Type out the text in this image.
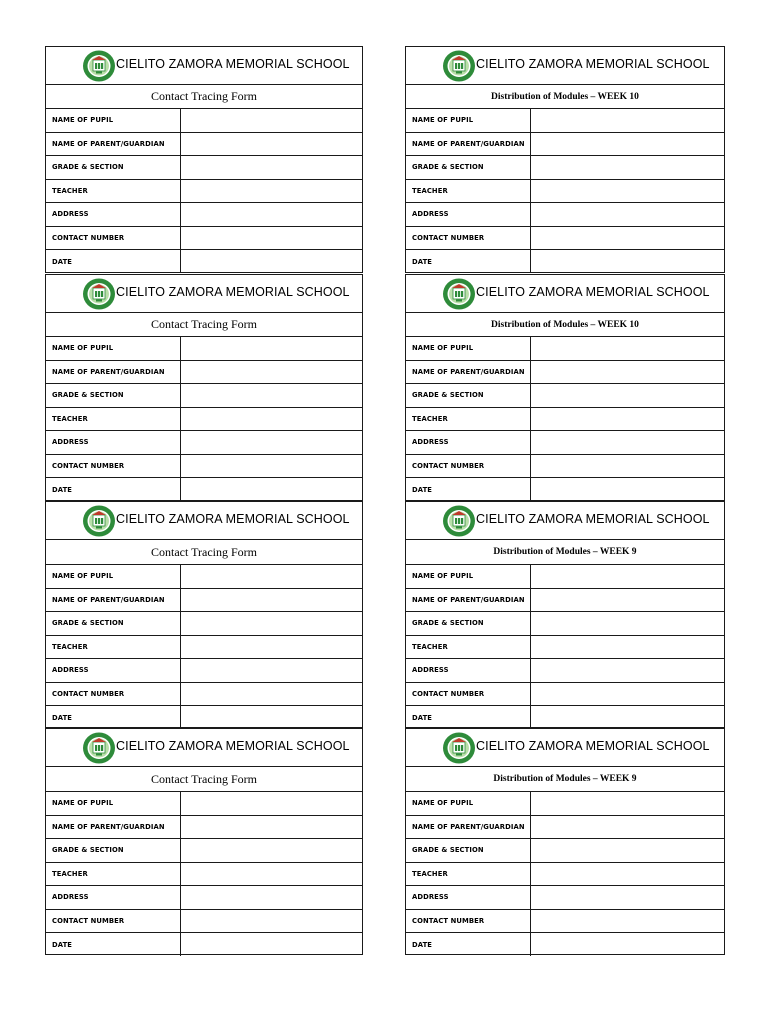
CIELITO ZAMORA MEMORIAL SCHOOL
Contact Tracing Form
NAME OF PUPIL
NAME OF PARENT/GUARDIAN
GRADE & SECTION
TEACHER
ADDRESS
CONTACT NUMBER
DATE
CIELITO ZAMORA MEMORIAL SCHOOL
Contact Tracing Form
NAME OF PUPIL
NAME OF PARENT/GUARDIAN
GRADE & SECTION
TEACHER
ADDRESS
CONTACT NUMBER
DATE
CIELITO ZAMORA MEMORIAL SCHOOL
Contact Tracing Form
NAME OF PUPIL
NAME OF PARENT/GUARDIAN
GRADE & SECTION
TEACHER
ADDRESS
CONTACT NUMBER
DATE
CIELITO ZAMORA MEMORIAL SCHOOL
Contact Tracing Form
NAME OF PUPIL
NAME OF PARENT/GUARDIAN
GRADE & SECTION
TEACHER
ADDRESS
CONTACT NUMBER
DATE
CIELITO ZAMORA MEMORIAL SCHOOL
Distribution of Modules – WEEK 10
NAME OF PUPIL
NAME OF PARENT/GUARDIAN
GRADE & SECTION
TEACHER
ADDRESS
CONTACT NUMBER
DATE
CIELITO ZAMORA MEMORIAL SCHOOL
Distribution of Modules – WEEK 10
NAME OF PUPIL
NAME OF PARENT/GUARDIAN
GRADE & SECTION
TEACHER
ADDRESS
CONTACT NUMBER
DATE
CIELITO ZAMORA MEMORIAL SCHOOL
Distribution of Modules – WEEK 9
NAME OF PUPIL
NAME OF PARENT/GUARDIAN
GRADE & SECTION
TEACHER
ADDRESS
CONTACT NUMBER
DATE
CIELITO ZAMORA MEMORIAL SCHOOL
Distribution of Modules – WEEK 9
NAME OF PUPIL
NAME OF PARENT/GUARDIAN
GRADE & SECTION
TEACHER
ADDRESS
CONTACT NUMBER
DATE
